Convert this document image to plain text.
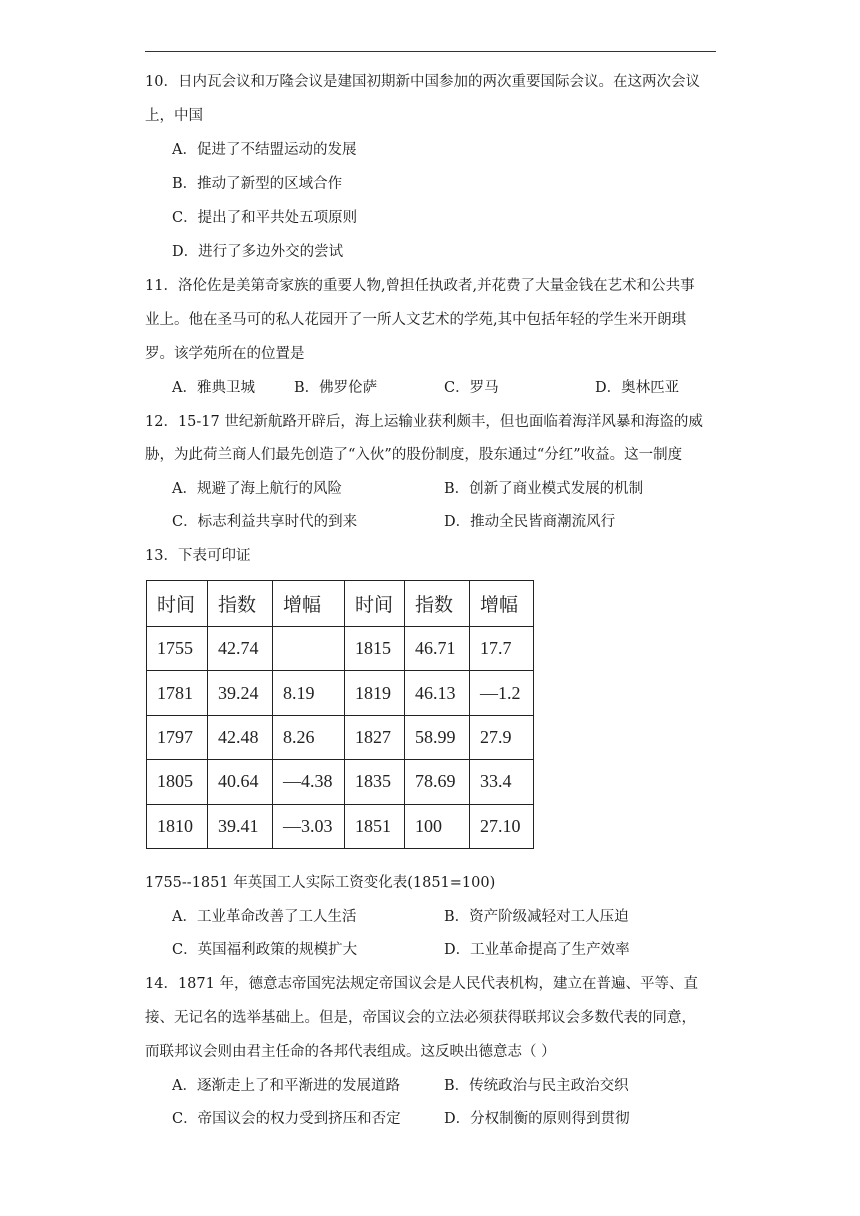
10．日内瓦会议和万隆会议是建国初期新中国参加的两次重要国际会议。在这两次会议
上，中国
A．促进了不结盟运动的发展
B．推动了新型的区域合作
C．提出了和平共处五项原则
D．进行了多边外交的尝试
11．洛伦佐是美第奇家族的重要人物,曾担任执政者,并花费了大量金钱在艺术和公共事
业上。他在圣马可的私人花园开了一所人文艺术的学苑,其中包括年轻的学生米开朗琪
罗。该学苑所在的位置是
A．雅典卫城	B．佛罗伦萨	C．罗马	D．奥林匹亚
12．15-17 世纪新航路开辟后，海上运输业获利颇丰，但也面临着海洋风暴和海盗的威
胁，为此荷兰商人们最先创造了“入伙”的股份制度，股东通过“分红”收益。这一制度
A．规避了海上航行的风险	B．创新了商业模式发展的机制
C．标志利益共享时代的到来	D．推动全民皆商潮流风行
13．下表可印证
时间	指数	增幅	时间	指数	增幅
1755	42.74		1815	46.71	17.7
1781	39.24	8.19	1819	46.13	—1.2
1797	42.48	8.26	1827	58.99	27.9
1805	40.64	—4.38	1835	78.69	33.4
1810	39.41	—3.03	1851	100	27.10
1755--1851 年英国工人实际工资变化表(1851=100)
A．工业革命改善了工人生活	B．资产阶级减轻对工人压迫
C．英国福利政策的规模扩大	D．工业革命提高了生产效率
14．1871 年，德意志帝国宪法规定帝国议会是人民代表机构，建立在普遍、平等、直
接、无记名的选举基础上。但是，帝国议会的立法必须获得联邦议会多数代表的同意，
而联邦议会则由君主任命的各邦代表组成。这反映出德意志（ ）
A．逐渐走上了和平渐进的发展道路	B．传统政治与民主政治交织
C．帝国议会的权力受到挤压和否定	D．分权制衡的原则得到贯彻
